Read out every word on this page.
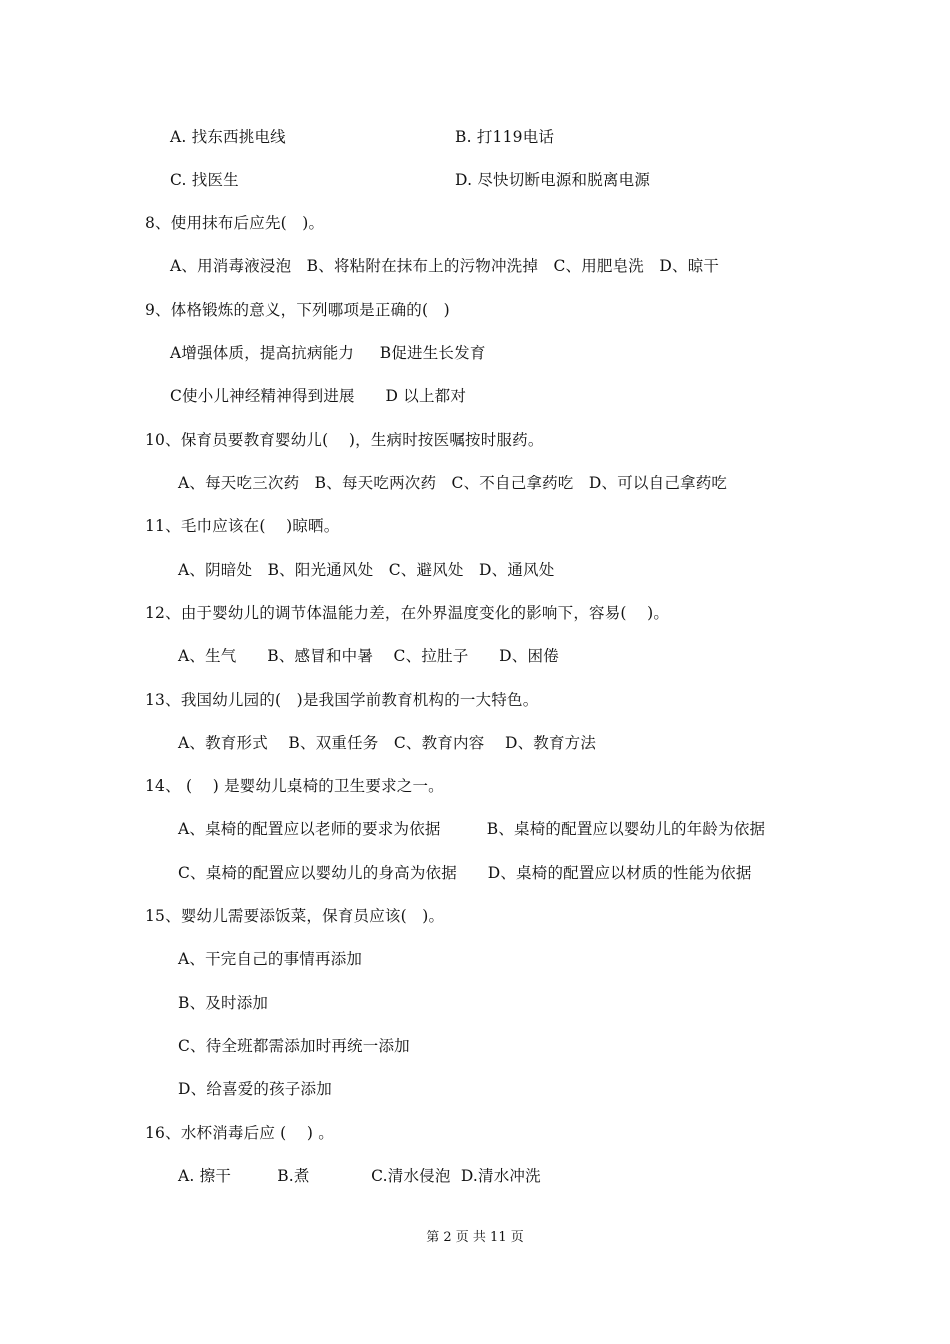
A. 找东西挑电线	B. 打119电话
C. 找医生	D. 尽快切断电源和脱离电源
8、使用抹布后应先(   )。
A、用消毒液浸泡   B、将粘附在抹布上的污物冲洗掉   C、用肥皂洗   D、晾干
9、体格锻炼的意义，下列哪项是正确的(   )
A增强体质，提高抗病能力     B促进生长发育
C使小儿神经精神得到进展      D 以上都对
10、保育员要教育婴幼儿(    )，生病时按医嘱按时服药。
A、每天吃三次药   B、每天吃两次药   C、不自己拿药吃   D、可以自己拿药吃
11、毛巾应该在(    )晾晒。
A、阴暗处   B、阳光通风处   C、避风处   D、通风处
12、由于婴幼儿的调节体温能力差，在外界温度变化的影响下，容易(    )。
A、生气      B、感冒和中暑    C、拉肚子      D、困倦
13、我国幼儿园的(   )是我国学前教育机构的一大特色。
A、教育形式    B、双重任务   C、教育内容    D、教育方法
14、 (    ) 是婴幼儿桌椅的卫生要求之一。
A、桌椅的配置应以老师的要求为依据         B、桌椅的配置应以婴幼儿的年龄为依据
C、桌椅的配置应以婴幼儿的身高为依据      D、桌椅的配置应以材质的性能为依据
15、婴幼儿需要添饭菜，保育员应该(   )。
A、干完自己的事情再添加
B、及时添加
C、待全班都需添加时再统一添加
D、给喜爱的孩子添加
16、水杯消毒后应 (    ) 。
A. 擦干         B.煮            C.清水侵泡  D.清水冲洗
第 2 页 共 11 页
